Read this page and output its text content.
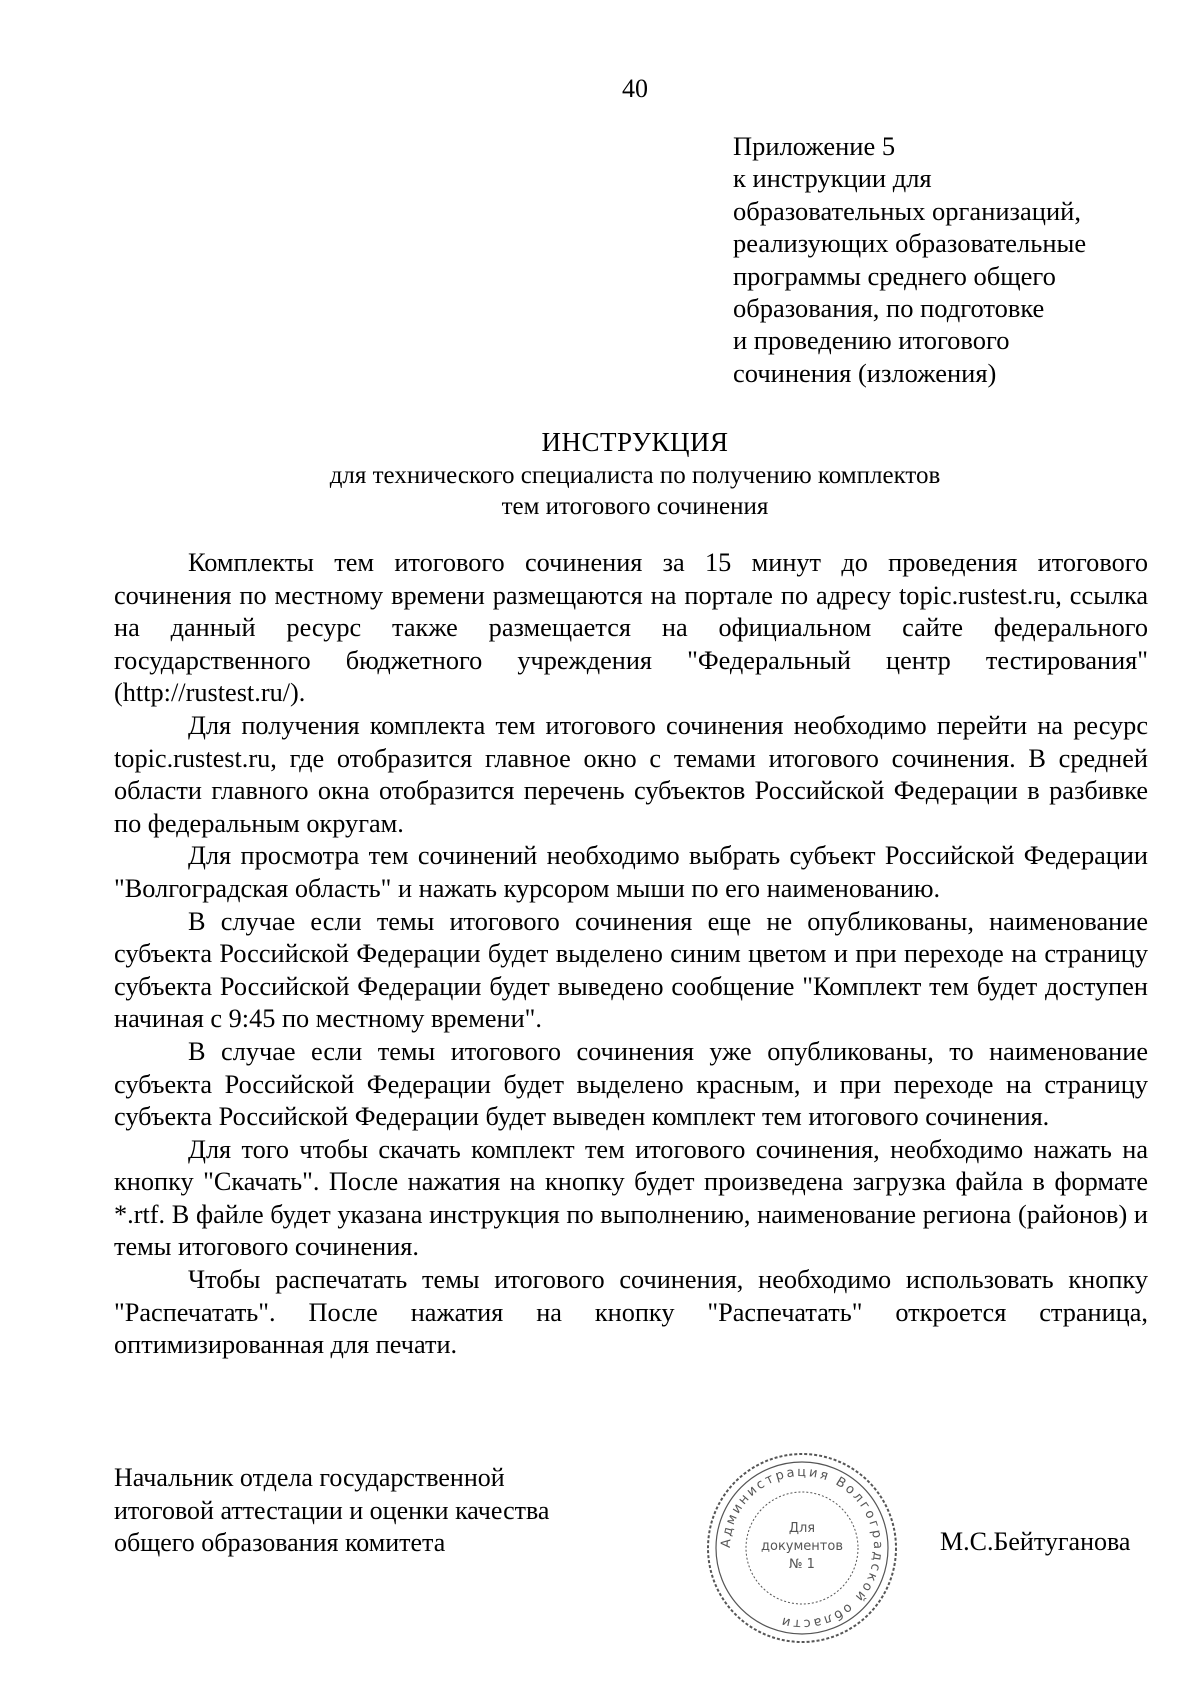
40
Приложение 5
к инструкции для
образовательных организаций,
реализующих образовательные
программы среднего общего
образования, по подготовке
и проведению итогового
сочинения (изложения)
ИНСТРУКЦИЯ
для технического специалиста по получению комплектов
тем итогового сочинения

Комплекты тем итогового сочинения за 15 минут до проведения итогового сочинения по местному времени размещаются на портале по адресу topic.rustest.ru, ссылка на данный ресурс также размещается на официальном сайте федерального государственного бюджетного учреждения "Федеральный центр тестирования" (http://rustest.ru/).

Для получения комплекта тем итогового сочинения необходимо перейти на ресурс topic.rustest.ru, где отобразится главное окно с темами итогового сочинения. В средней области главного окна отобразится перечень субъектов Российской Федерации в разбивке по федеральным округам.

Для просмотра тем сочинений необходимо выбрать субъект Российской Федерации "Волгоградская область" и нажать курсором мыши по его наименованию.

В случае если темы итогового сочинения еще не опубликованы, наименование субъекта Российской Федерации будет выделено синим цветом и при переходе на страницу субъекта Российской Федерации будет выведено сообщение "Комплект тем будет доступен начиная с 9:45 по местному времени".

В случае если темы итогового сочинения уже опубликованы, то наименование субъекта Российской Федерации будет выделено красным, и при переходе на страницу субъекта Российской Федерации будет выведен комплект тем итогового сочинения.

Для того чтобы скачать комплект тем итогового сочинения, необходимо нажать на кнопку "Скачать". После нажатия на кнопку будет произведена загрузка файла в формате *.rtf. В файле будет указана инструкция по выполнению, наименование региона (районов) и темы итогового сочинения.

Чтобы распечатать темы итогового сочинения, необходимо использовать кнопку "Распечатать". После нажатия на кнопку "Распечатать" откроется страница, оптимизированная для печати.

Начальник отдела государственной
итоговой аттестации и оценки качества
общего образования комитета	Администрация Волгоградской области
Для
документов
№ 1
М.С.Бейтуганова
